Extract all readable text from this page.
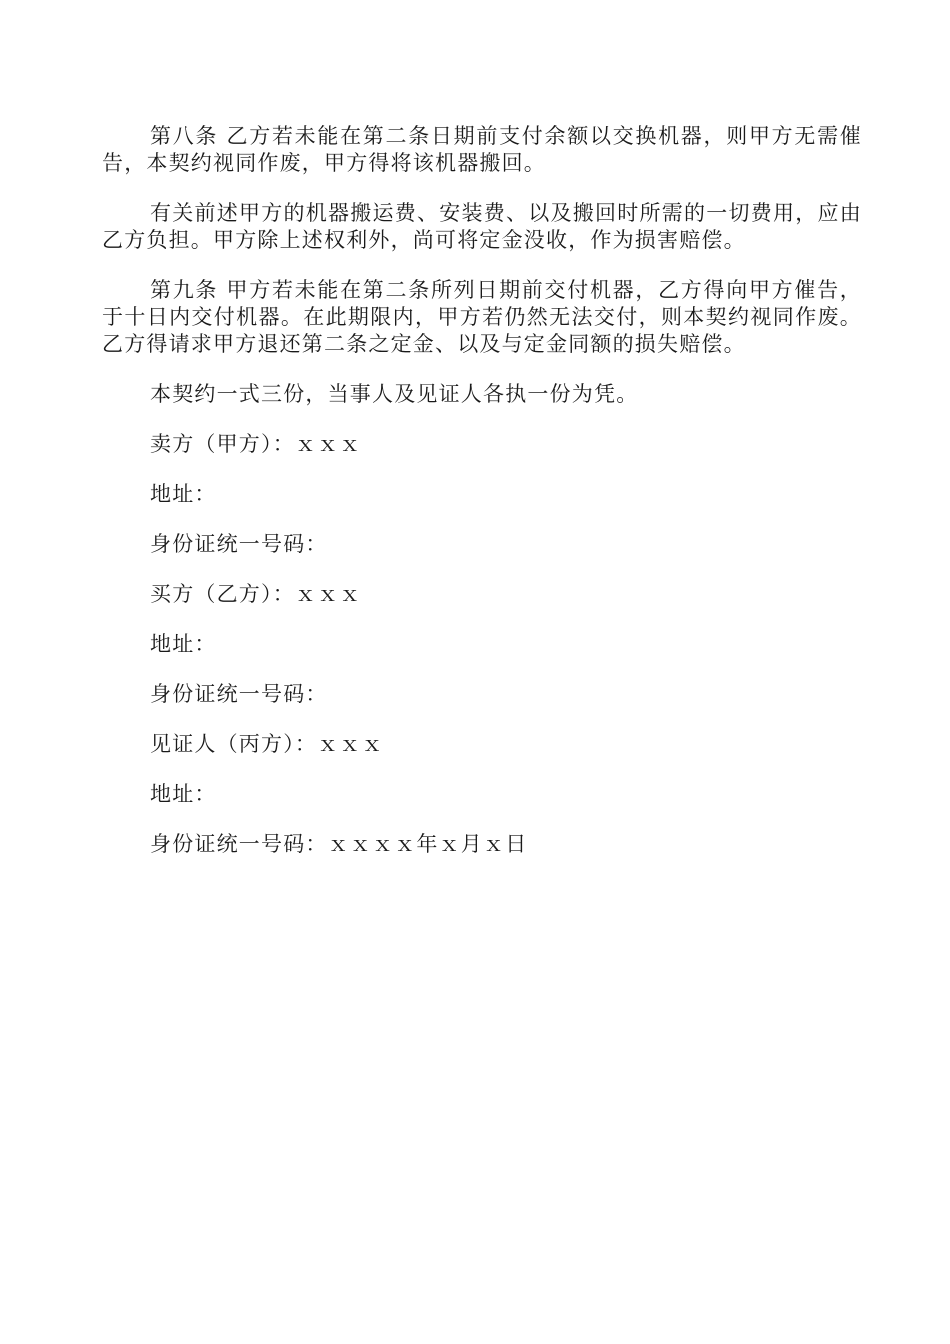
第八条 乙方若未能在第二条日期前支付余额以交换机器，则甲方无需催告，本契约视同作废，甲方得将该机器搬回。

有关前述甲方的机器搬运费、安装费、以及搬回时所需的一切费用，应由乙方负担。甲方除上述权利外，尚可将定金没收，作为损害赔偿。

第九条 甲方若未能在第二条所列日期前交付机器，乙方得向甲方催告，于十日内交付机器。在此期限内，甲方若仍然无法交付，则本契约视同作废。乙方得请求甲方退还第二条之定金、以及与定金同额的损失赔偿。

本契约一式三份，当事人及见证人各执一份为凭。

卖方（甲方）：ｘｘｘ

地址：

身份证统一号码：

买方（乙方）：ｘｘｘ

地址：

身份证统一号码：

见证人（丙方）：ｘｘｘ

地址：

身份证统一号码：ｘｘｘｘ年ｘ月ｘ日
